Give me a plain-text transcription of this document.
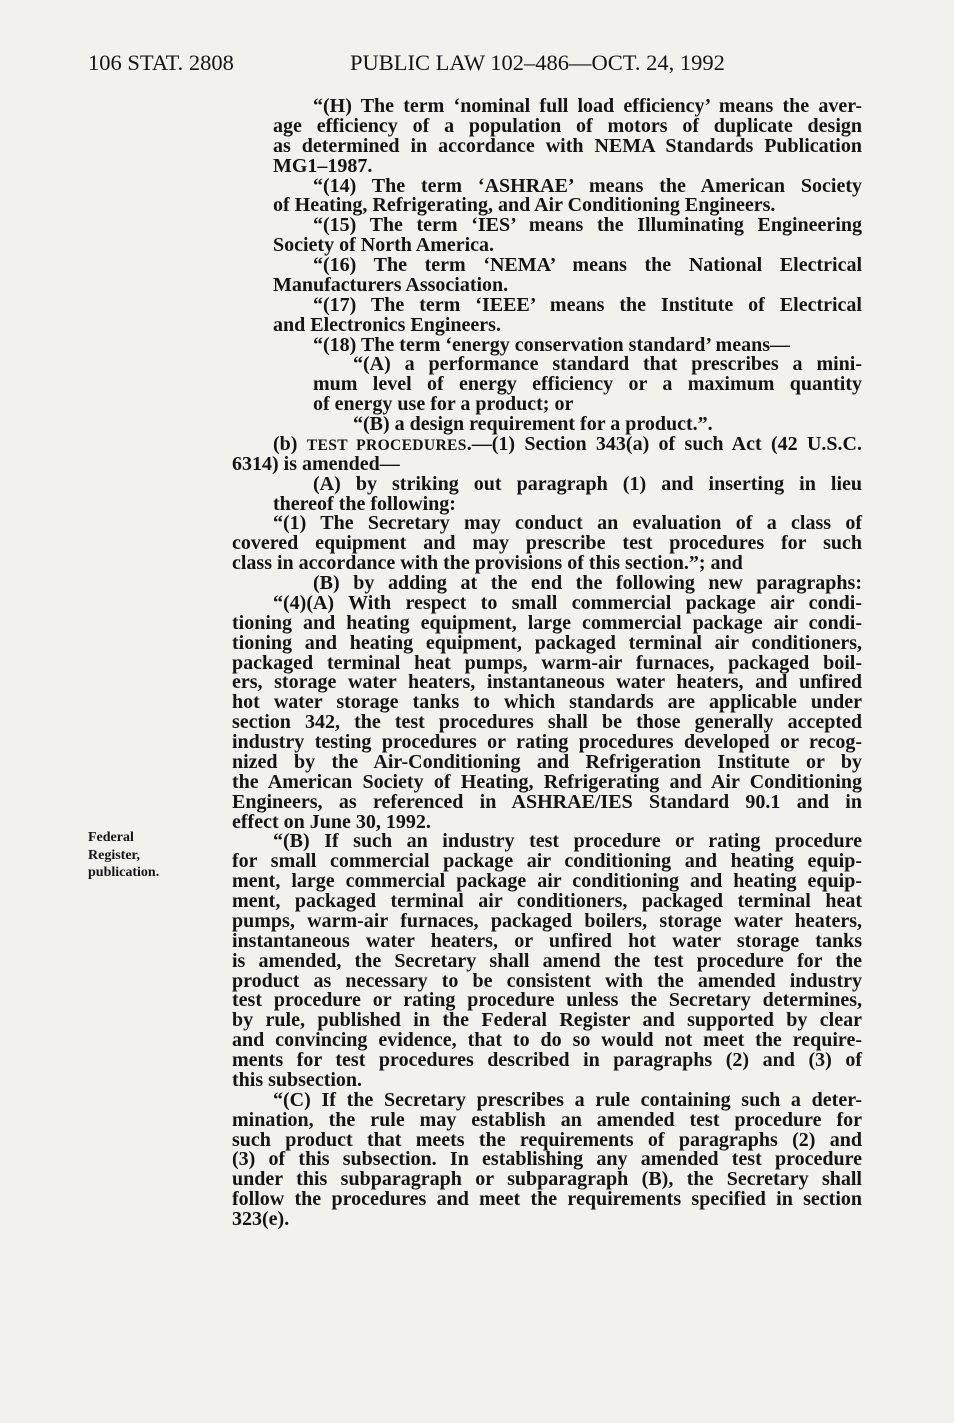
106 STAT. 2808	PUBLIC LAW 102–486—OCT. 24, 1992
Federal
Register,
publication.
“(H) The term ‘nominal full load efficiency’ means the aver-
age efficiency of a population of motors of duplicate design
as determined in accordance with NEMA Standards Publication
MG1–1987.
“(14) The term ‘ASHRAE’ means the American Society
of Heating, Refrigerating, and Air Conditioning Engineers.
“(15) The term ‘IES’ means the Illuminating Engineering
Society of North America.
“(16) The term ‘NEMA’ means the National Electrical
Manufacturers Association.
“(17) The term ‘IEEE’ means the Institute of Electrical
and Electronics Engineers.
“(18) The term ‘energy conservation standard’ means—
“(A) a performance standard that prescribes a mini-
mum level of energy efficiency or a maximum quantity
of energy use for a product; or
“(B) a design requirement for a product.”.
(b) TEST PROCEDURES.—(1) Section 343(a) of such Act (42 U.S.C.
6314) is amended—
(A) by striking out paragraph (1) and inserting in lieu
thereof the following:
“(1) The Secretary may conduct an evaluation of a class of
covered equipment and may prescribe test procedures for such
class in accordance with the provisions of this section.”; and
(B) by adding at the end the following new paragraphs:
“(4)(A) With respect to small commercial package air condi-
tioning and heating equipment, large commercial package air condi-
tioning and heating equipment, packaged terminal air conditioners,
packaged terminal heat pumps, warm-air furnaces, packaged boil-
ers, storage water heaters, instantaneous water heaters, and unfired
hot water storage tanks to which standards are applicable under
section 342, the test procedures shall be those generally accepted
industry testing procedures or rating procedures developed or recog-
nized by the Air-Conditioning and Refrigeration Institute or by
the American Society of Heating, Refrigerating and Air Conditioning
Engineers, as referenced in ASHRAE/IES Standard 90.1 and in
effect on June 30, 1992.
“(B) If such an industry test procedure or rating procedure
for small commercial package air conditioning and heating equip-
ment, large commercial package air conditioning and heating equip-
ment, packaged terminal air conditioners, packaged terminal heat
pumps, warm-air furnaces, packaged boilers, storage water heaters,
instantaneous water heaters, or unfired hot water storage tanks
is amended, the Secretary shall amend the test procedure for the
product as necessary to be consistent with the amended industry
test procedure or rating procedure unless the Secretary determines,
by rule, published in the Federal Register and supported by clear
and convincing evidence, that to do so would not meet the require-
ments for test procedures described in paragraphs (2) and (3) of
this subsection.
“(C) If the Secretary prescribes a rule containing such a deter-
mination, the rule may establish an amended test procedure for
such product that meets the requirements of paragraphs (2) and
(3) of this subsection. In establishing any amended test procedure
under this subparagraph or subparagraph (B), the Secretary shall
follow the procedures and meet the requirements specified in section
323(e).
